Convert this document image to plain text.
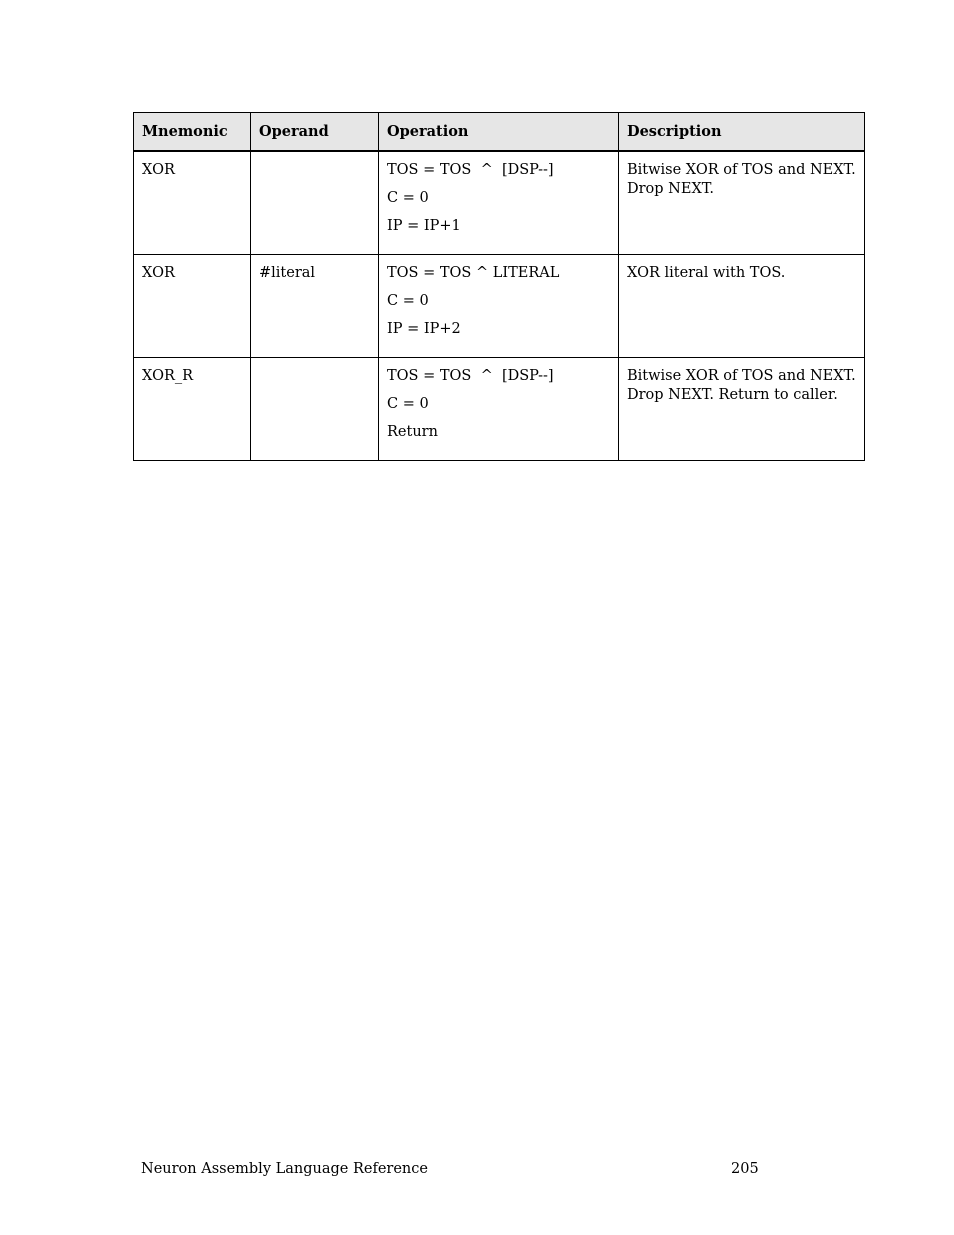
Mnemonic	Operand	Operation	Description
XOR		TOS = TOS  ^  [DSP--]
C = 0
IP = IP+1	Bitwise XOR of TOS and NEXT. Drop NEXT.

XOR	#literal	TOS = TOS ^ LITERAL
C = 0
IP = IP+2	XOR literal with TOS.

XOR_R		TOS = TOS  ^  [DSP--]
C = 0
Return	Bitwise XOR of TOS and NEXT. Drop NEXT. Return to caller.
Neuron Assembly Language Reference	205
